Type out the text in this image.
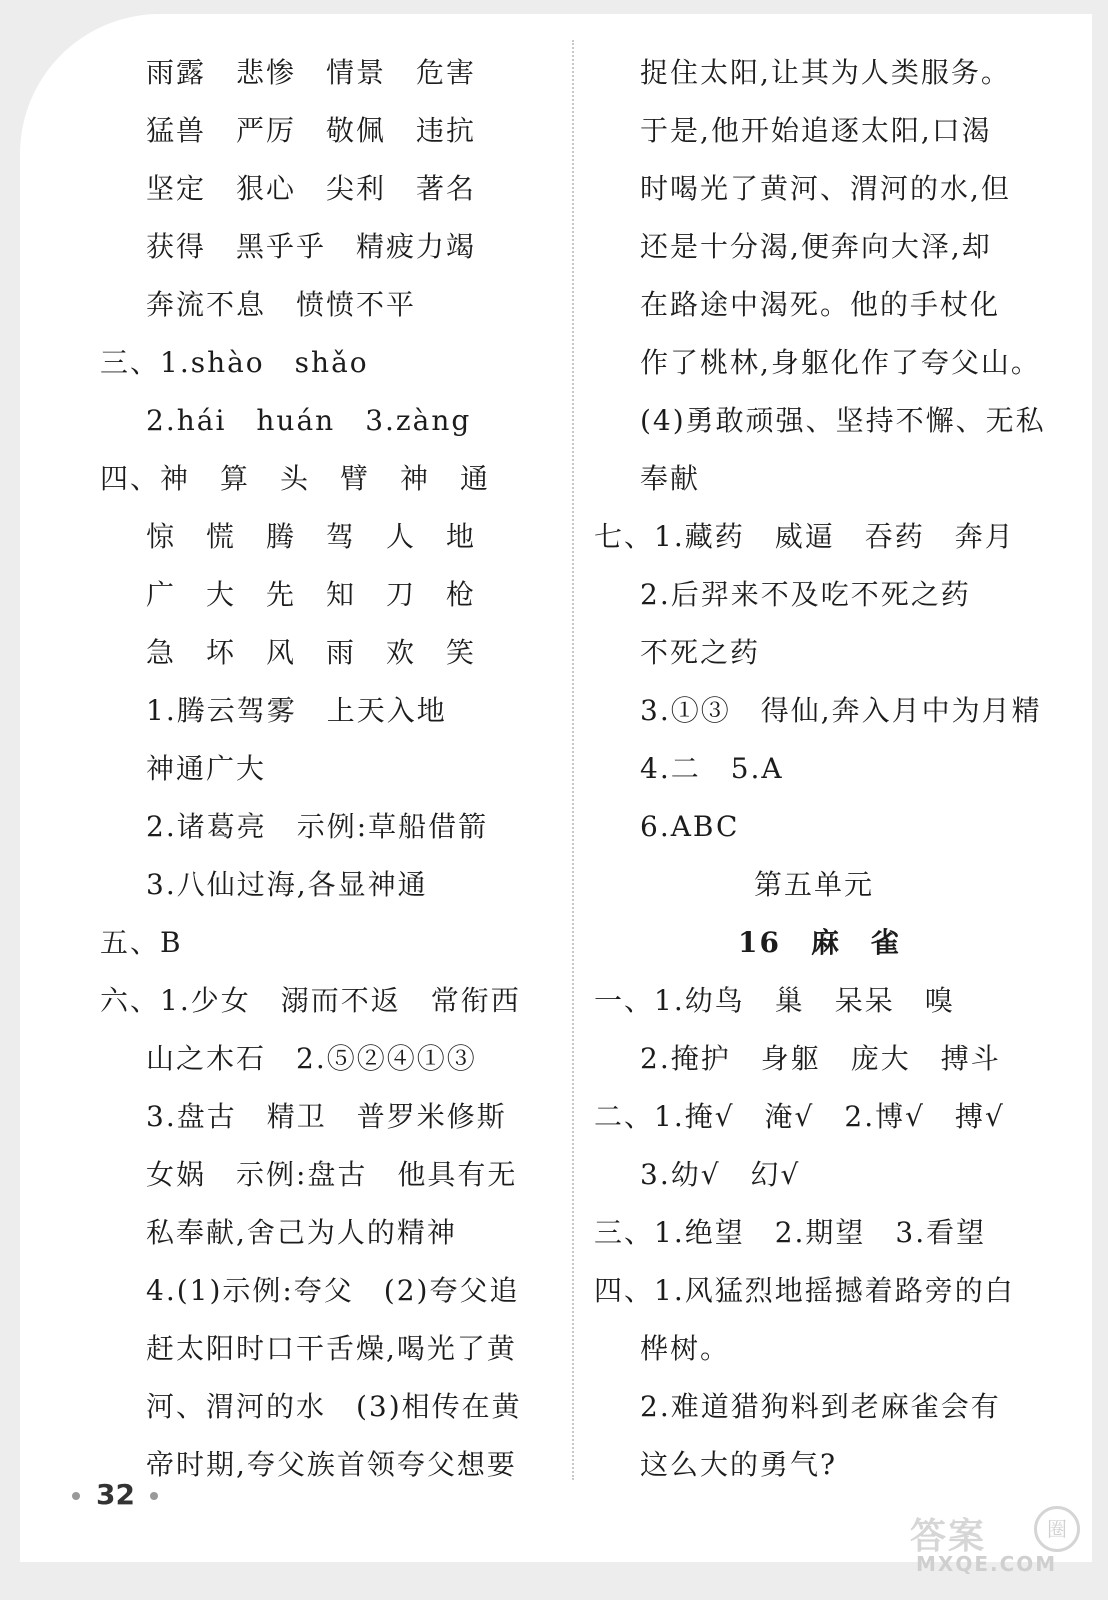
雨露　悲惨　情景　危害
猛兽　严厉　敬佩　违抗
坚定　狠心　尖利　著名
获得　黑乎乎　精疲力竭
奔流不息　愤愤不平
三、1.shào　shǎo
2.hái　huán　3.zàng
四、神　算　头　臂　神　通
惊　慌　腾　驾　人　地
广　大　先　知　刀　枪
急　坏　风　雨　欢　笑
1.腾云驾雾　上天入地
神通广大
2.诸葛亮　示例:草船借箭
3.八仙过海,各显神通
五、B
六、1.少女　溺而不返　常衔西
山之木石　2.⑤②④①③
3.盘古　精卫　普罗米修斯
女娲　示例:盘古　他具有无
私奉献,舍己为人的精神
4.(1)示例:夸父　(2)夸父追
赶太阳时口干舌燥,喝光了黄
河、渭河的水　(3)相传在黄
帝时期,夸父族首领夸父想要
捉住太阳,让其为人类服务。
于是,他开始追逐太阳,口渴
时喝光了黄河、渭河的水,但
还是十分渴,便奔向大泽,却
在路途中渴死。他的手杖化
作了桃林,身躯化作了夸父山。
(4)勇敢顽强、坚持不懈、无私
奉献
七、1.藏药　威逼　吞药　奔月
2.后羿来不及吃不死之药
不死之药
3.①③　得仙,奔入月中为月精
4.二　5.A
6.ABC
第五单元
16　麻　雀
一、1.幼鸟　巢　呆呆　嗅
2.掩护　身躯　庞大　搏斗
二、1.掩√　淹√　2.博√　搏√
3.幼√　幻√
三、1.绝望　2.期望　3.看望
四、1.风猛烈地摇撼着路旁的白
桦树。
2.难道猎狗料到老麻雀会有
这么大的勇气?
32
答案	圈
MXQE.COM
